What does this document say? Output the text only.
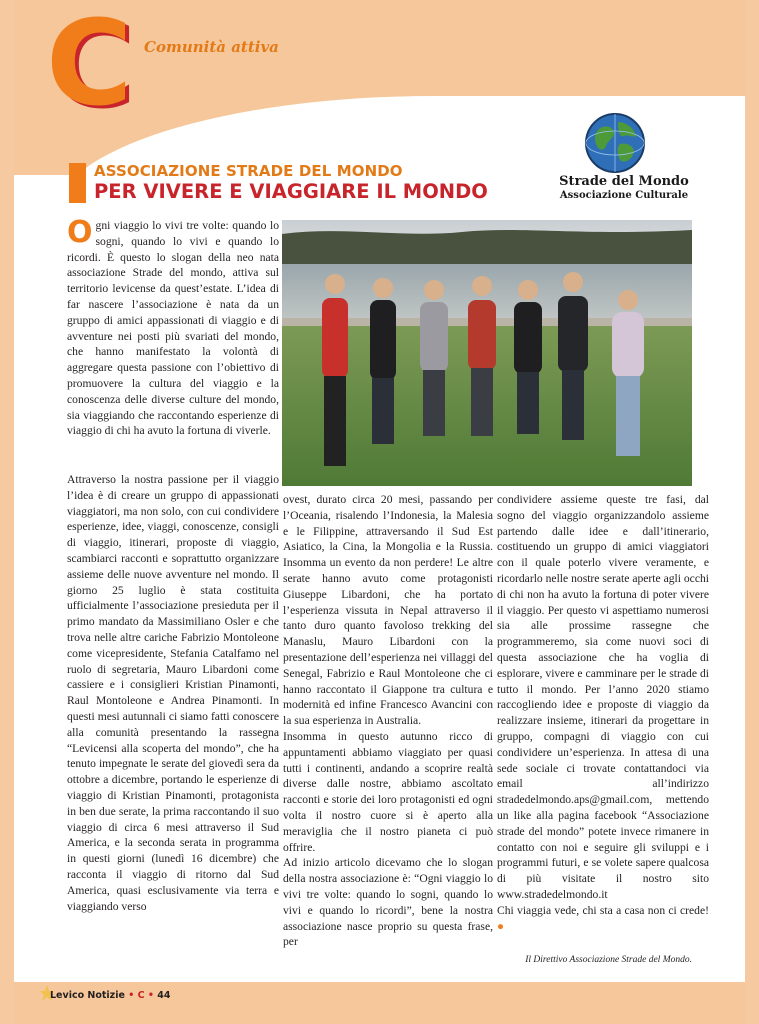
C Comunità attiva
ASSOCIAZIONE STRADE DEL MONDO
PER VIVERE E VIAGGIARE IL MONDO	Strade del Mondo
Associazione Culturale
Ogni viaggio lo vivi tre volte: quando lo sogni, quando lo vivi e quando lo ricordi. È questo lo slogan della neo nata associazione Strade del mondo, attiva sul territorio levicense da quest’estate. L’idea di far nascere l’associazione è nata da un gruppo di amici appassionati di viaggio e di avventure nei posti più svariati del mondo, che hanno manifestato la volontà di aggregare questa passione con l’obiettivo di promuovere la cultura del viaggio e la conoscenza delle diverse culture del mondo, sia viaggiando che raccontando esperienze di viaggio di chi ha avuto la fortuna di viverle.

Attraverso la nostra passione per il viaggio l’idea è di creare un gruppo di appassionati viaggiatori, ma non solo, con cui condividere esperienze, idee, viaggi, conoscenze, consigli di viaggio, itinerari, proposte di viaggio, scambiarci racconti e soprattutto organizzare assieme delle nuove avventure nel mondo. Il giorno 25 luglio è stata costituita ufficialmente l’associazione presieduta per il primo mandato da Massimiliano Osler e che trova nelle altre cariche Fabrizio Montoleone come vicepresidente, Stefania Catalfamo nel ruolo di segretaria, Mauro Libardoni come cassiere e i consiglieri Kristian Pinamonti, Raul Montoleone e Andrea Pinamonti. In questi mesi autunnali ci siamo fatti conoscere alla comunità presentando la rassegna “Levicensi alla scoperta del mondo”, che ha tenuto impegnate le serate del giovedì sera da ottobre a dicembre, portando le esperienze di viaggio di Kristian Pinamonti, protagonista in ben due serate, la prima raccontando il suo viaggio di circa 6 mesi attraverso il Sud America, e la seconda serata in programma in questi giorni (lunedì 16 dicembre) che racconta il viaggio di ritorno dal Sud America, quasi esclusivamente via terra e viaggiando verso

ovest, durato circa 20 mesi, passando per l’Oceania, risalendo l’Indonesia, la Malesia e le Filippine, attraversando il Sud Est Asiatico, la Cina, la Mongolia e la Russia. Insomma un evento da non perdere! Le altre serate hanno avuto come protagonisti Giuseppe Libardoni, che ha portato l’esperienza vissuta in Nepal attraverso il tanto duro quanto favoloso trekking del Manaslu, Mauro Libardoni con la presentazione dell’esperienza nei villaggi del Senegal, Fabrizio e Raul Montoleone che ci hanno raccontato il Giappone tra cultura e modernità ed infine Francesco Avancini con la sua esperienza in Australia.

Insomma in questo autunno ricco di appuntamenti abbiamo viaggiato per quasi tutti i continenti, andando a scoprire realtà diverse dalle nostre, abbiamo ascoltato racconti e storie dei loro protagonisti ed ogni volta il nostro cuore si è aperto alla meraviglia che il nostro pianeta ci può offrire.

Ad inizio articolo dicevamo che lo slogan della nostra associazione è: “Ogni viaggio lo vivi tre volte: quando lo sogni, quando lo vivi e quando lo ricordi”, bene la nostra associazione nasce proprio su questa frase, per

condividere assieme queste tre fasi, dal sogno del viaggio organizzandolo assieme partendo dalle idee e dall’itinerario, costituendo un gruppo di amici viaggiatori con il quale poterlo vivere veramente, e ricordarlo nelle nostre serate aperte agli occhi di chi non ha avuto la fortuna di poter vivere il viaggio. Per questo vi aspettiamo numerosi sia alle prossime rassegne che programmeremo, sia come nuovi soci di questa associazione che ha voglia di esplorare, vivere e camminare per le strade di tutto il mondo. Per l’anno 2020 stiamo raccogliendo idee e proposte di viaggio da realizzare insieme, itinerari da progettare in gruppo, compagni di viaggio con cui condividere un’esperienza. In attesa di una sede sociale ci trovate contattandoci via email all’indirizzo stradedelmondo.aps@gmail.com, mettendo un like alla pagina facebook “Associazione strade del mondo” potete invece rimanere in contatto con noi e seguire gli sviluppi e i programmi futuri, e se volete sapere qualcosa di più visitate il nostro sito www.stradedelmondo.it

Chi viaggia vede, chi sta a casa non ci crede! ●

Il Direttivo Associazione Strade del Mondo.
Levico Notizie • C • 44
